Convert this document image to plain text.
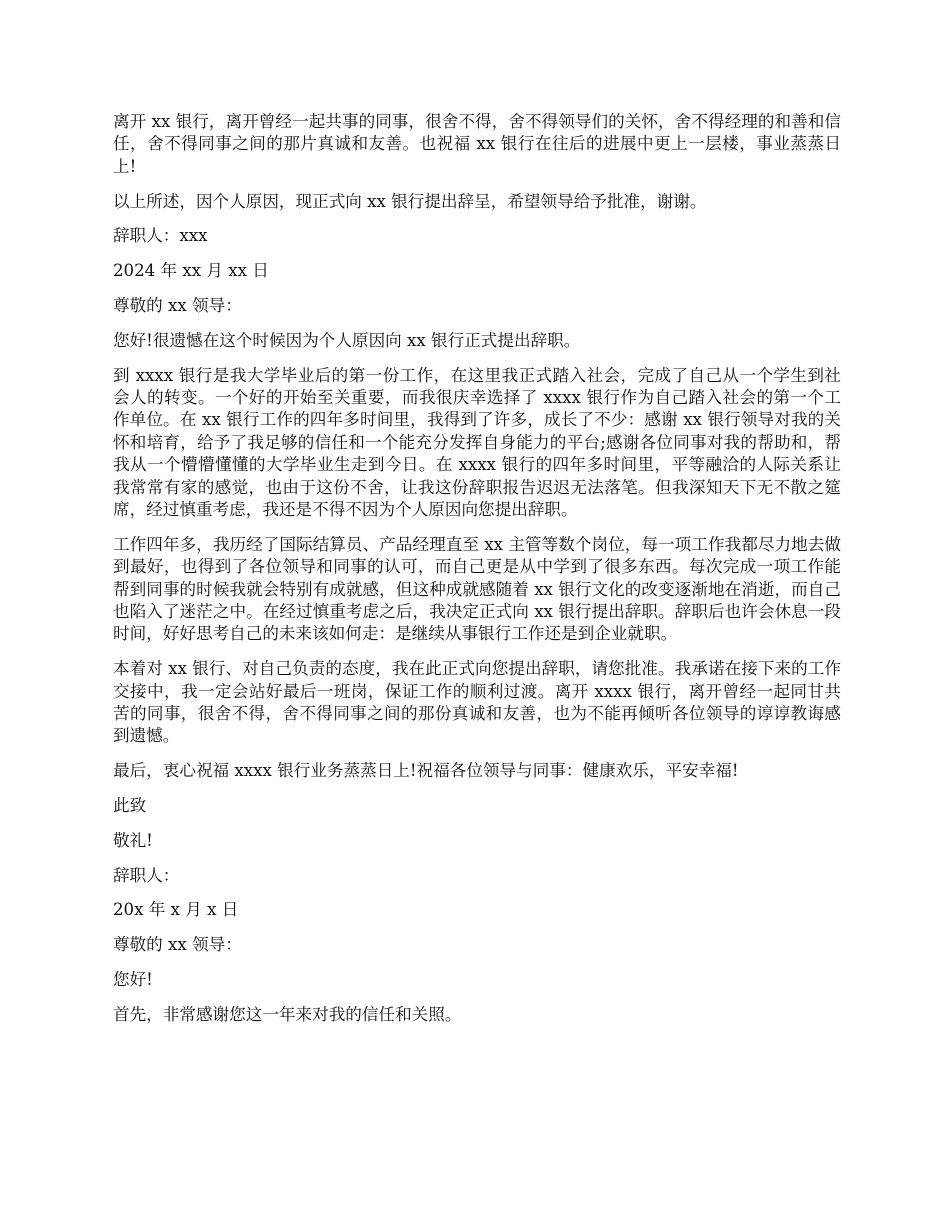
离开 xx 银行，离开曾经一起共事的同事，很舍不得，舍不得领导们的关怀，舍不得经理的和善和信任，舍不得同事之间的那片真诚和友善。也祝福 xx 银行在往后的进展中更上一层楼，事业蒸蒸日上!

以上所述，因个人原因，现正式向 xx 银行提出辞呈，希望领导给予批准，谢谢。

辞职人：xxx

2024 年 xx 月 xx 日

尊敬的 xx 领导：

您好!很遗憾在这个时候因为个人原因向 xx 银行正式提出辞职。

到 xxxx 银行是我大学毕业后的第一份工作，在这里我正式踏入社会，完成了自己从一个学生到社会人的转变。一个好的开始至关重要，而我很庆幸选择了 xxxx 银行作为自己踏入社会的第一个工作单位。在 xx 银行工作的四年多时间里，我得到了许多，成长了不少：感谢 xx 银行领导对我的关怀和培育，给予了我足够的信任和一个能充分发挥自身能力的平台;感谢各位同事对我的帮助和，帮我从一个懵懵懂懂的大学毕业生走到今日。在 xxxx 银行的四年多时间里，平等融洽的人际关系让我常常有家的感觉，也由于这份不舍，让我这份辞职报告迟迟无法落笔。但我深知天下无不散之筵席，经过慎重考虑，我还是不得不因为个人原因向您提出辞职。

工作四年多，我历经了国际结算员、产品经理直至 xx 主管等数个岗位，每一项工作我都尽力地去做到最好，也得到了各位领导和同事的认可，而自己更是从中学到了很多东西。每次完成一项工作能帮到同事的时候我就会特别有成就感，但这种成就感随着 xx 银行文化的改变逐渐地在消逝，而自己也陷入了迷茫之中。在经过慎重考虑之后，我决定正式向 xx 银行提出辞职。辞职后也许会休息一段时间，好好思考自己的未来该如何走：是继续从事银行工作还是到企业就职。

本着对 xx 银行、对自己负责的态度，我在此正式向您提出辞职，请您批准。我承诺在接下来的工作交接中，我一定会站好最后一班岗，保证工作的顺利过渡。离开 xxxx 银行，离开曾经一起同甘共苦的同事，很舍不得，舍不得同事之间的那份真诚和友善，也为不能再倾听各位领导的谆谆教诲感到遗憾。

最后，衷心祝福 xxxx 银行业务蒸蒸日上!祝福各位领导与同事：健康欢乐，平安幸福!

此致

敬礼!

辞职人：

20x 年 x 月 x 日

尊敬的 xx 领导：

您好!

首先，非常感谢您这一年来对我的信任和关照。
